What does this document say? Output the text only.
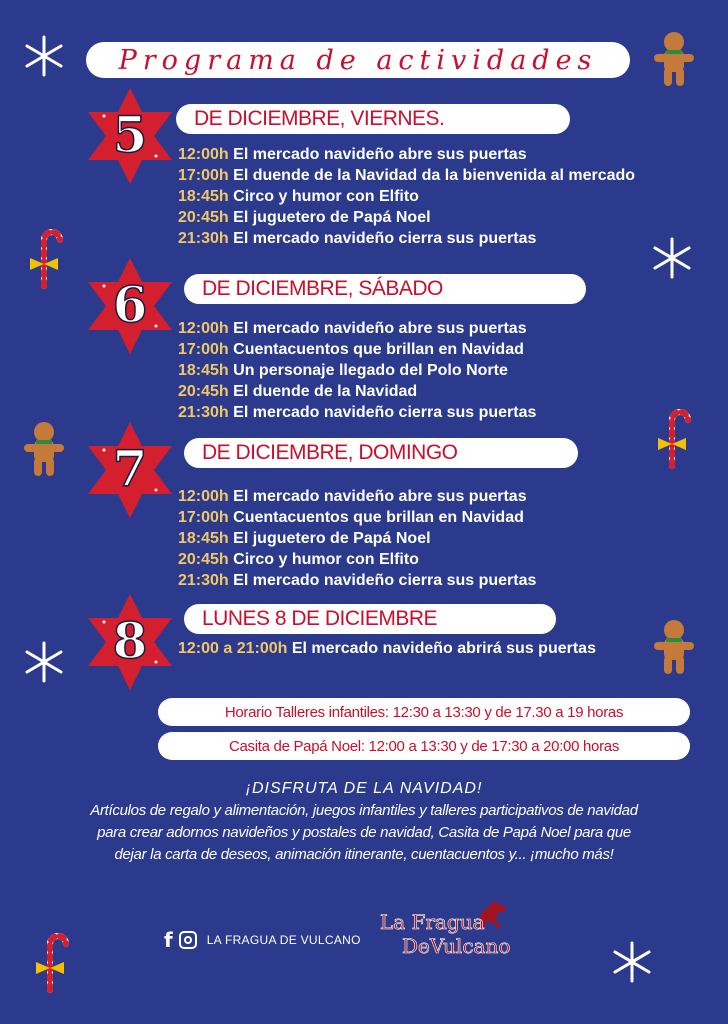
Programa de actividades
5	DE DICIEMBRE, VIERNES.
12:00h El mercado navideño abre sus puertas
17:00h El duende de la Navidad da la bienvenida al mercado
18:45h Circo y humor con Elfito
20:45h El juguetero de Papá Noel
21:30h El mercado navideño cierra sus puertas
6	DE DICIEMBRE, SÁBADO
12:00h El mercado navideño abre sus puertas
17:00h Cuentacuentos que brillan en Navidad
18:45h Un personaje llegado del Polo Norte
20:45h El duende de la Navidad
21:30h El mercado navideño cierra sus puertas
7	DE DICIEMBRE, DOMINGO
12:00h El mercado navideño abre sus puertas
17:00h Cuentacuentos que brillan en Navidad
18:45h El juguetero de Papá Noel
20:45h Circo y humor con Elfito
21:30h El mercado navideño cierra sus puertas
8	LUNES 8 DE DICIEMBRE
12:00 a 21:00h El mercado navideño abrirá sus puertas
Horario Talleres infantiles: 12:30 a 13:30 y de 17.30 a 19 horas
Casita de Papá Noel: 12:00 a 13:30 y de 17:30 a 20:00 horas
¡DISFRUTA DE LA NAVIDAD!

Artículos de regalo y alimentación, juegos infantiles y talleres participativos de navidad

para crear adornos navideños y postales de navidad, Casita de Papá Noel para que

dejar la carta de deseos, animación itinerante, cuentacuentos y... ¡mucho más!

f	LA FRAGUA DE VULCANO
La Fragua
DeVulcano
